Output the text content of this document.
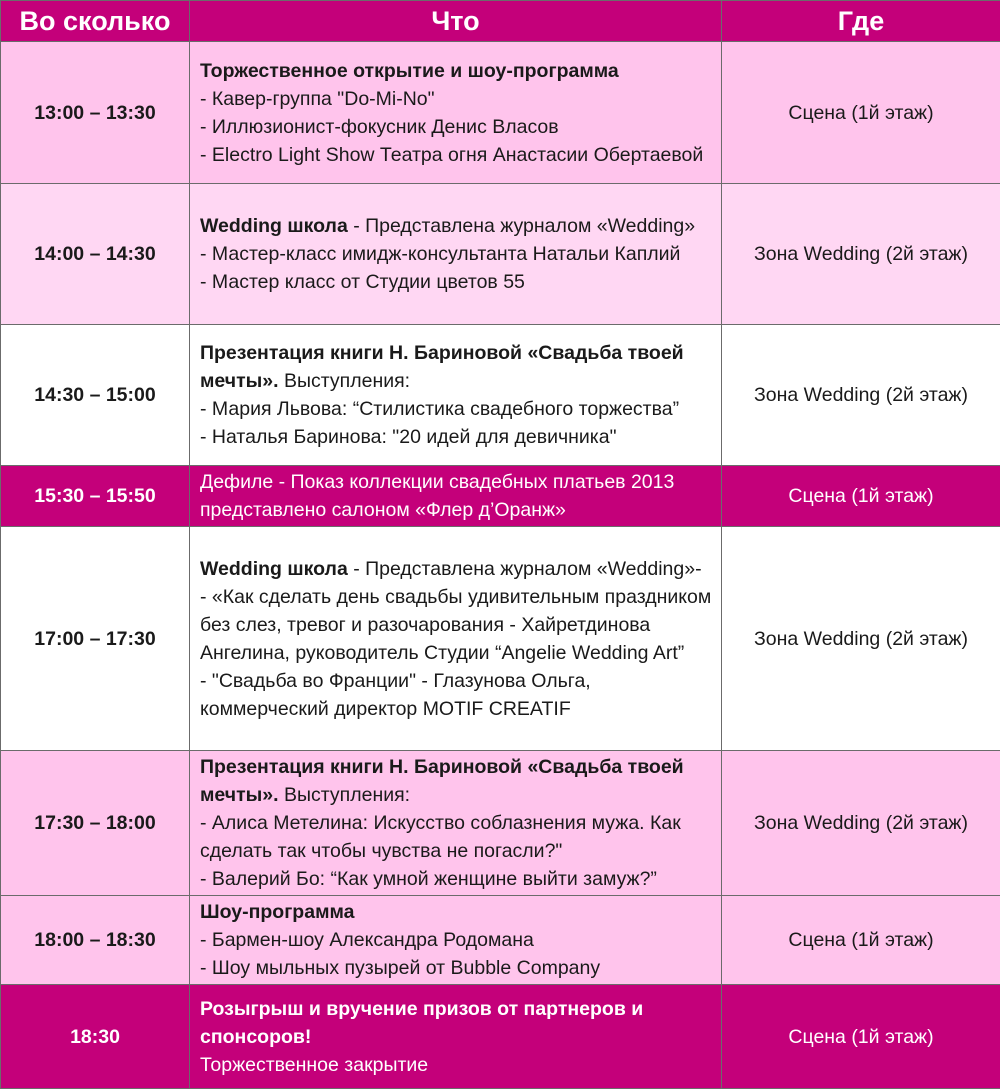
Во сколько	Что	Где
13:00 – 13:30	Торжественное открытие и шоу-программа
- Кавер-группа "Do-Mi-No"
- Иллюзионист-фокусник Денис Власов
- Electro Light Show Театра огня Анастасии Обертаевой	Сцена (1й этаж)
14:00 – 14:30	Wedding школа - Представлена журналом «Wedding»
- Мастер-класс имидж-консультанта Натальи Каплий
- Мастер класс от Студии цветов 55	Зона Wedding (2й этаж)
14:30 – 15:00	Презентация книги Н. Бариновой «Свадьба твоей мечты». Выступления:
- Мария Львова: “Стилистика свадебного торжества”
- Наталья Баринова: "20 идей для девичника"	Зона Wedding (2й этаж)
15:30 – 15:50	Дефиле - Показ коллекции свадебных платьев 2013 представлено салоном «Флер д’Оранж»	Сцена (1й этаж)
17:00 – 17:30	Wedding школа - Представлена журналом «Wedding»-
- «Как сделать день свадьбы удивительным праздником без слез, тревог и разочарования - Хайретдинова Ангелина, руководитель Студии “Angelie Wedding Art”
- "Свадьба во Франции" - Глазунова Ольга, коммерческий директор MOTIF CREATIF	Зона Wedding (2й этаж)
17:30 – 18:00	Презентация книги Н. Бариновой «Свадьба твоей мечты». Выступления:
- Алиса Метелина: Искусство соблазнения мужа. Как сделать так чтобы чувства не погасли?"
- Валерий Бо: “Как умной женщине выйти замуж?”	Зона Wedding (2й этаж)
18:00 – 18:30	Шоу-программа
- Бармен-шоу Александра Родомана
- Шоу мыльных пузырей от Bubble Company	Сцена (1й этаж)
18:30	Розыгрыш и вручение призов от партнеров и спонсоров!
Торжественное закрытие	Сцена (1й этаж)
